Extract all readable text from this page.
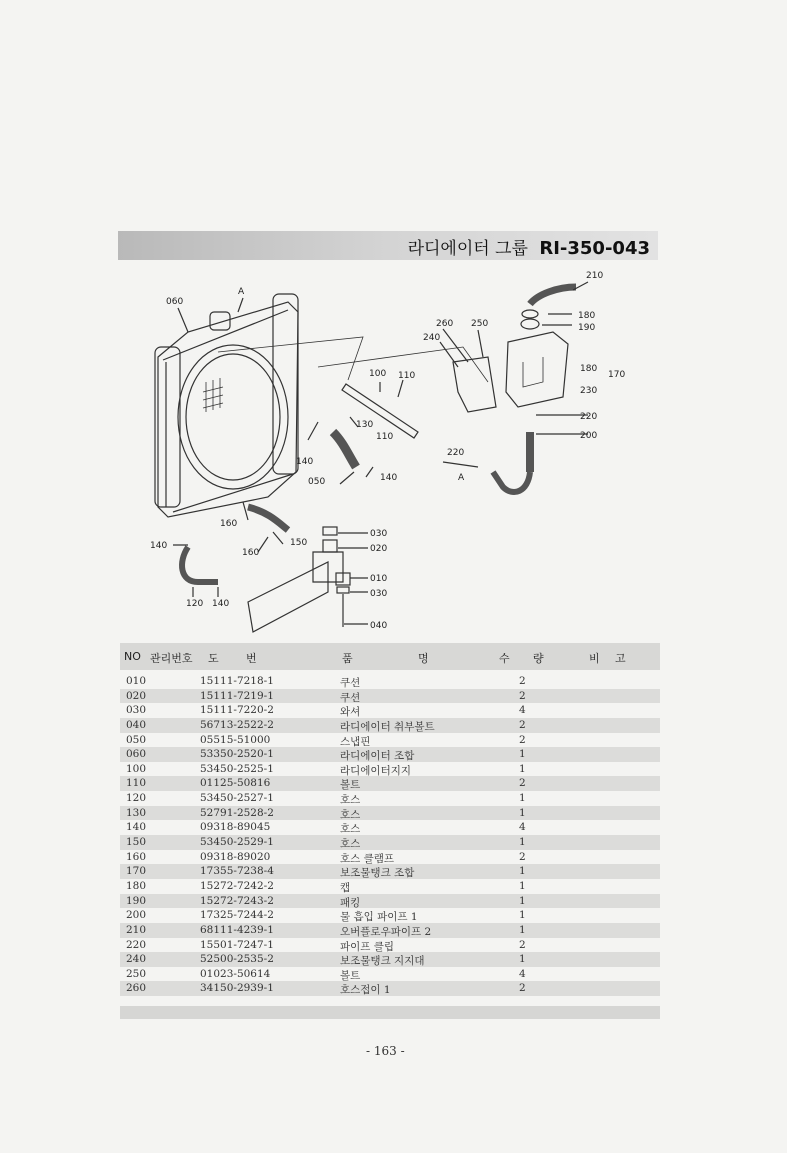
라디에이터 그룹 RI-350-043
060
A
210
180
190
260 250
240
100 110
180
170
230
130
110
220
200
140
050	140
220
A
160
150
030
020
140
160
010
030
120 140
040
NO 관리번호 도 번	품	명	수 량	비 고
010	15111-7218-1	쿠션	2
020	15111-7219-1	쿠션	2
030	15111-7220-2	와셔	4
040	56713-2522-2	라디에이터 취부볼트	2
050	05515-51000	스냅핀	2
060	53350-2520-1	라디에이터 조합	1
100	53450-2525-1	라디에이터지지	1
110	01125-50816	볼트	2
120	53450-2527-1	호스	1
130	52791-2528-2	호스	1
140	09318-89045	호스	4
150	53450-2529-1	호스	1
160	09318-89020	호스 클램프	2
170	17355-7238-4	보조물탱크 조합	1
180	15272-7242-2	캡	1
190	15272-7243-2	패킹	1
200	17325-7244-2	물 흡입 파이프 1	1
210	68111-4239-1	오버플로우파이프 2	1
220	15501-7247-1	파이프 클립	2
240	52500-2535-2	보조물탱크 지지대	1
250	01023-50614	볼트	4
260	34150-2939-1	호스접이 1	2
- 163 -
